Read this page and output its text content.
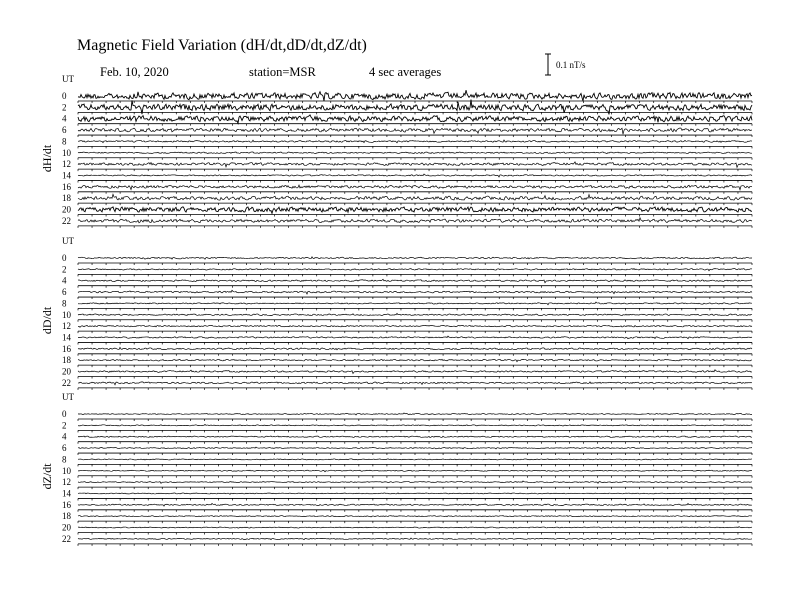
Magnetic Field Variation (dH/dt,dD/dt,dZ/dt)
Feb. 10, 2020	station=MSR	4 sec averages	0.1 nT/s
UT
dH/dt
0
2
4
6
8
10
12
14
16
18
20
22
UT
dD/dt
0
2
4
6
8
10
12
14
16
18
20
22
UT
dZ/dt
0
2
4
6
8
10
12
14
16
18
20
22
